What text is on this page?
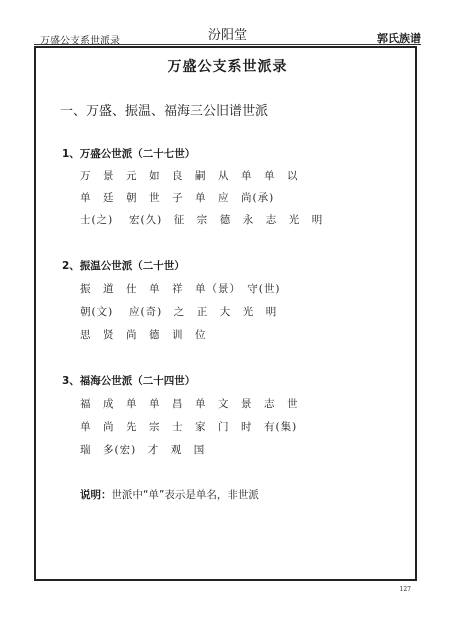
万盛公支系世派录	汾阳堂	郭氏族谱
万盛公支系世派录
一、万盛、振温、福海三公旧谱世派
1、万盛公世派（二十七世）
万　景　元　如　良　嗣　从　单　单　以
单　廷　朝　世　子　单　应　尚(承)
士(之)　 宏(久)　征　宗　德　永　志　光　明
2、振温公世派（二十世）
振　道　仕　单　祥　单（景）　守(世)
朝(文)　 应(奇)　之　正　大　光　明
思　贤　尚　德　训　位
3、福海公世派（二十四世）
福　成　单　单　昌　单　文　景　志　世
单　尚　先　宗　士　家　门　时　有(集)
瑞　多(宏)　才　观　国
说明：世派中“单”表示是单名，非世派
127
